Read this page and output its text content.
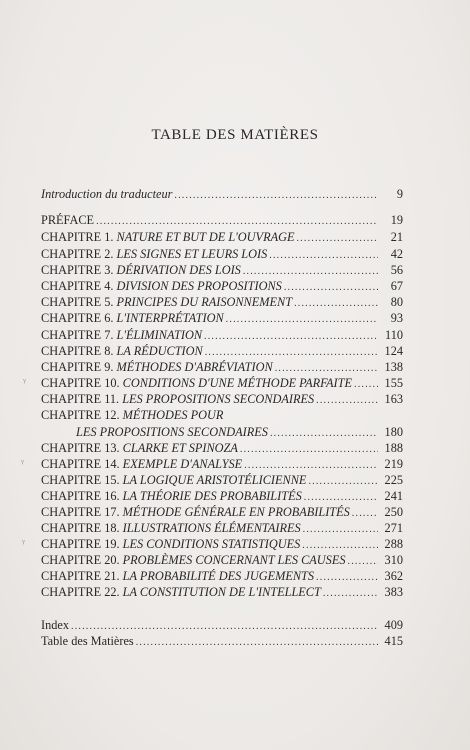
TABLE DES MATIÈRES
Introduction du traducteur .....	9
PRÉFACE .....	19
CHAPITRE 1. NATURE ET BUT DE L'OUVRAGE .....	21
CHAPITRE 2. LES SIGNES ET LEURS LOIS .....	42
CHAPITRE 3. DÉRIVATION DES LOIS .....	56
CHAPITRE 4. DIVISION DES PROPOSITIONS .....	67
CHAPITRE 5. PRINCIPES DU RAISONNEMENT .....	80
CHAPITRE 6. L'INTERPRÉTATION .....	93
CHAPITRE 7. L'ÉLIMINATION .....	110
CHAPITRE 8. LA RÉDUCTION .....	124
CHAPITRE 9. MÉTHODES D'ABRÉVIATION .....	138
CHAPITRE 10. CONDITIONS D'UNE MÉTHODE PARFAITE .....	155
CHAPITRE 11. LES PROPOSITIONS SECONDAIRES .....	163
CHAPITRE 12. MÉTHODES POUR
LES PROPOSITIONS SECONDAIRES .....	180
CHAPITRE 13. CLARKE ET SPINOZA .....	188
CHAPITRE 14. EXEMPLE D'ANALYSE .....	219
CHAPITRE 15. LA LOGIQUE ARISTOTÉLICIENNE .....	225
CHAPITRE 16. LA THÉORIE DES PROBABILITÉS .....	241
CHAPITRE 17. MÉTHODE GÉNÉRALE EN PROBABILITÉS .....	250
CHAPITRE 18. ILLUSTRATIONS ÉLÉMENTAIRES .....	271
CHAPITRE 19. LES CONDITIONS STATISTIQUES .....	288
CHAPITRE 20. PROBLÈMES CONCERNANT LES CAUSES .....	310
CHAPITRE 21. LA PROBABILITÉ DES JUGEMENTS .....	362
CHAPITRE 22. LA CONSTITUTION DE L'INTELLECT .....	383
Index .....	409
Table des Matières .....	415
ᵞ
ᵞ
ᵞ
